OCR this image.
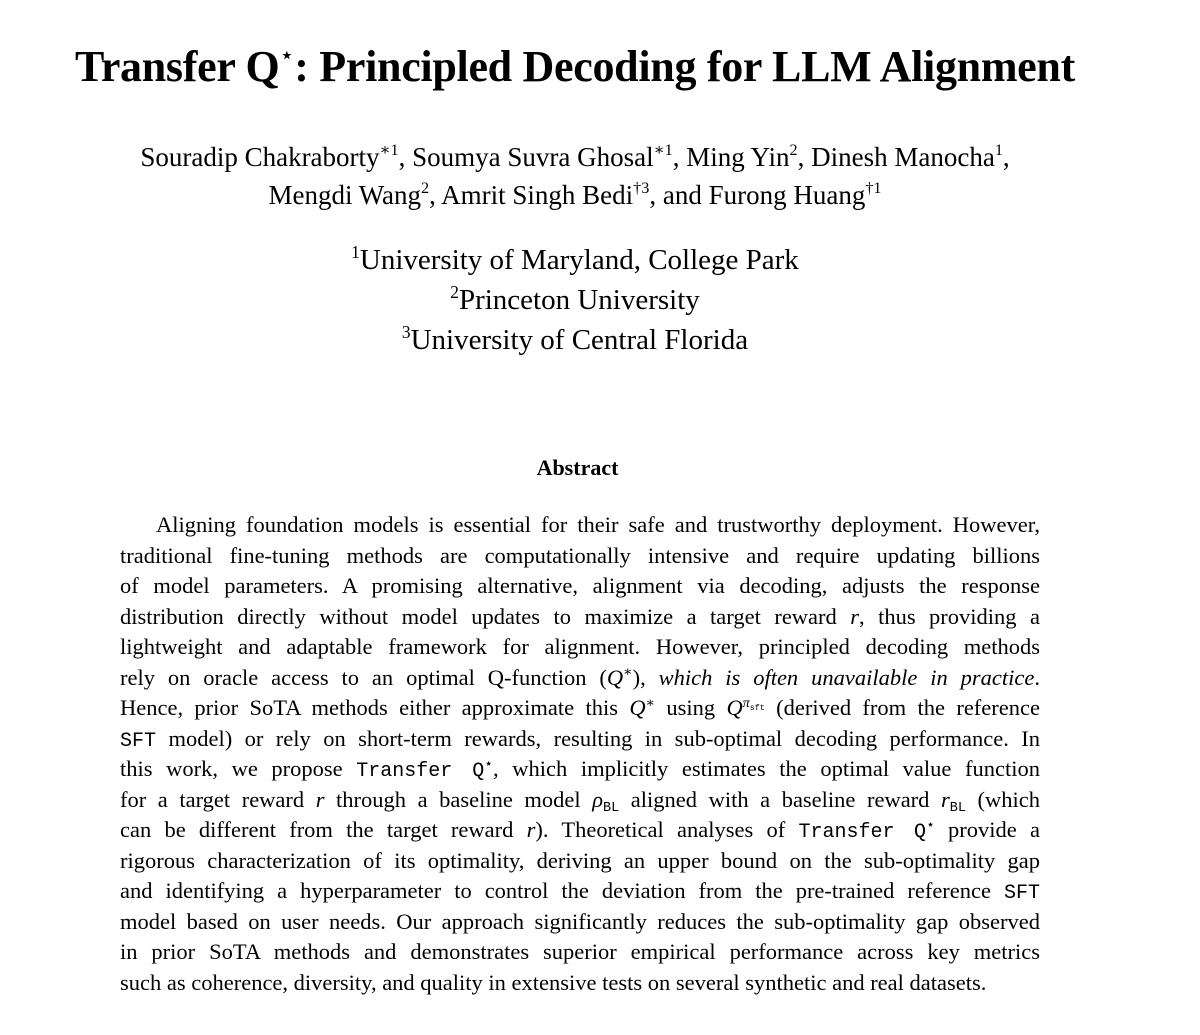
Transfer Q⋆: Principled Decoding for LLM Alignment
Souradip Chakraborty$^{∗1}$, Soumya Suvra Ghosal$^{∗1}$, Ming Yin$^2$, Dinesh Manocha$^1$,
Mengdi Wang$^2$, Amrit Singh Bedi$^{\dagger 3}$, and Furong Huang$^{\dagger 1}$
$^1$University of Maryland, College Park
$^2$Princeton University
$^3$University of Central Florida
Abstract
Aligning foundation models is essential for their safe and trustworthy deployment. However,
traditional fine-tuning methods are computationally intensive and require updating billions
of model parameters. A promising alternative, alignment via decoding, adjusts the response
distribution directly without model updates to maximize a target reward r, thus providing a
lightweight and adaptable framework for alignment. However, principled decoding methods
rely on oracle access to an optimal Q-function (Q∗), which is often unavailable in practice.
Hence, prior SoTA methods either approximate this Q∗ using $Q^{\pi_{sft}}$ (derived from the reference
SFT model) or rely on short-term rewards, resulting in sub-optimal decoding performance. In
this work, we propose Transfer Q⋆, which implicitly estimates the optimal value function
for a target reward r through a baseline model $\rho_{BL}$ aligned with a baseline reward $r_{BL}$ (which
can be different from the target reward r). Theoretical analyses of Transfer Q⋆ provide a
rigorous characterization of its optimality, deriving an upper bound on the sub-optimality gap
and identifying a hyperparameter to control the deviation from the pre-trained reference SFT
model based on user needs. Our approach significantly reduces the sub-optimality gap observed
in prior SoTA methods and demonstrates superior empirical performance across key metrics
such as coherence, diversity, and quality in extensive tests on several synthetic and real datasets.
